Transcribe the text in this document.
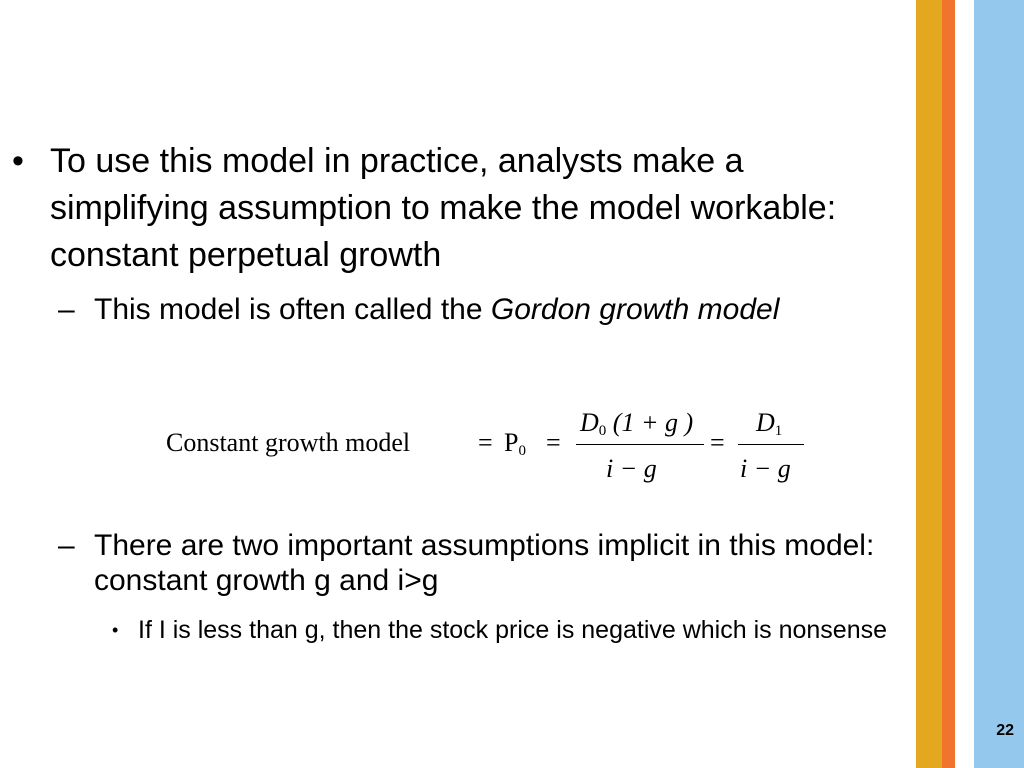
• To use this model in practice, analysts make a simplifying assumption to make the model workable: constant perpetual growth
– This model is often called the Gordon growth model
Constant growth model	= $P_0$ =
$D_0$ (1 + g )
i − g
=
$D_1$
i − g
– There are two important assumptions implicit in this model: constant growth g and i>g
• If I is less than g, then the stock price is negative which is nonsense
22
